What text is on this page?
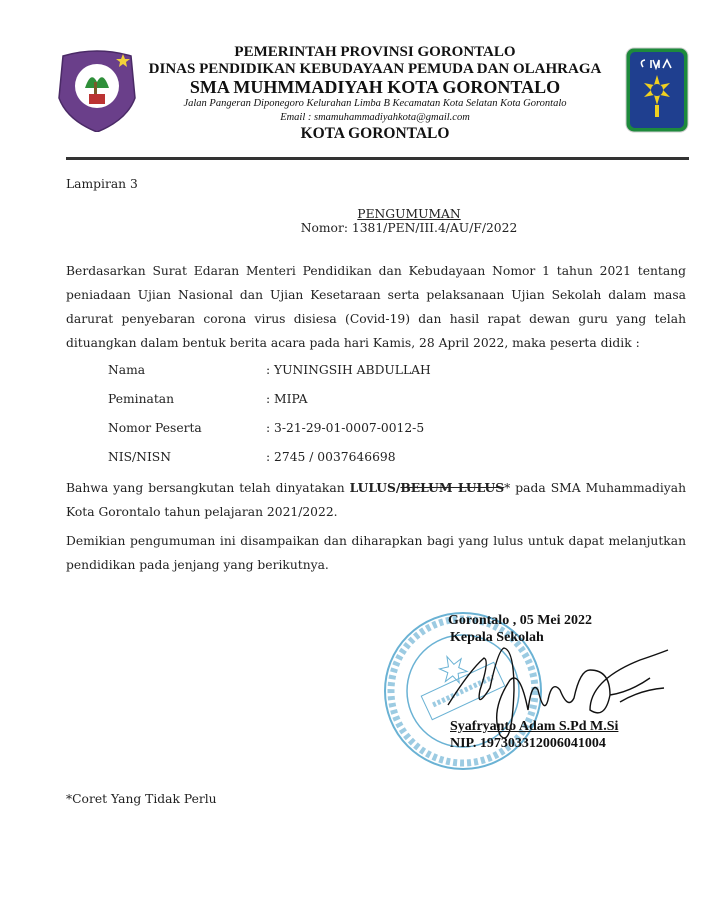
PEMERINTAH PROVINSI GORONTALO
DINAS PENDIDIKAN KEBUDAYAAN PEMUDA DAN OLAHRAGA
SMA MUHMMADIYAH KOTA GORONTALO
Jalan Pangeran Diponegoro Kelurahan Limba B Kecamatan Kota Selatan Kota Gorontalo
Email : smamuhammadiyahkota@gmail.com
KOTA GORONTALO
Lampiran 3
PENGUMUMAN
Nomor: 1381/PEN/III.4/AU/F/2022
Berdasarkan Surat Edaran Menteri Pendidikan dan Kebudayaan Nomor 1 tahun 2021 tentang peniadaan Ujian Nasional dan Ujian Kesetaraan serta pelaksanaan Ujian Sekolah dalam masa darurat penyebaran corona virus disiesa (Covid-19) dan hasil rapat dewan guru yang telah dituangkan dalam bentuk berita acara pada hari Kamis, 28 April 2022, maka peserta didik :
Nama	: YUNINGSIH ABDULLAH
Peminatan	: MIPA
Nomor Peserta	: 3-21-29-01-0007-0012-5
NIS/NISN	: 2745 / 0037646698
Bahwa yang bersangkutan telah dinyatakan LULUS/BELUM LULUS* pada SMA Muhammadiyah Kota Gorontalo tahun pelajaran 2021/2022.
Demikian pengumuman ini disampaikan dan diharapkan bagi yang lulus untuk dapat melanjutkan pendidikan pada jenjang yang berikutnya.
Gorontalo , 05 Mei 2022
Kepala Sekolah
Syafryanto Adam S.Pd M.Si
NIP. 197303312006041004
*Coret Yang Tidak Perlu
